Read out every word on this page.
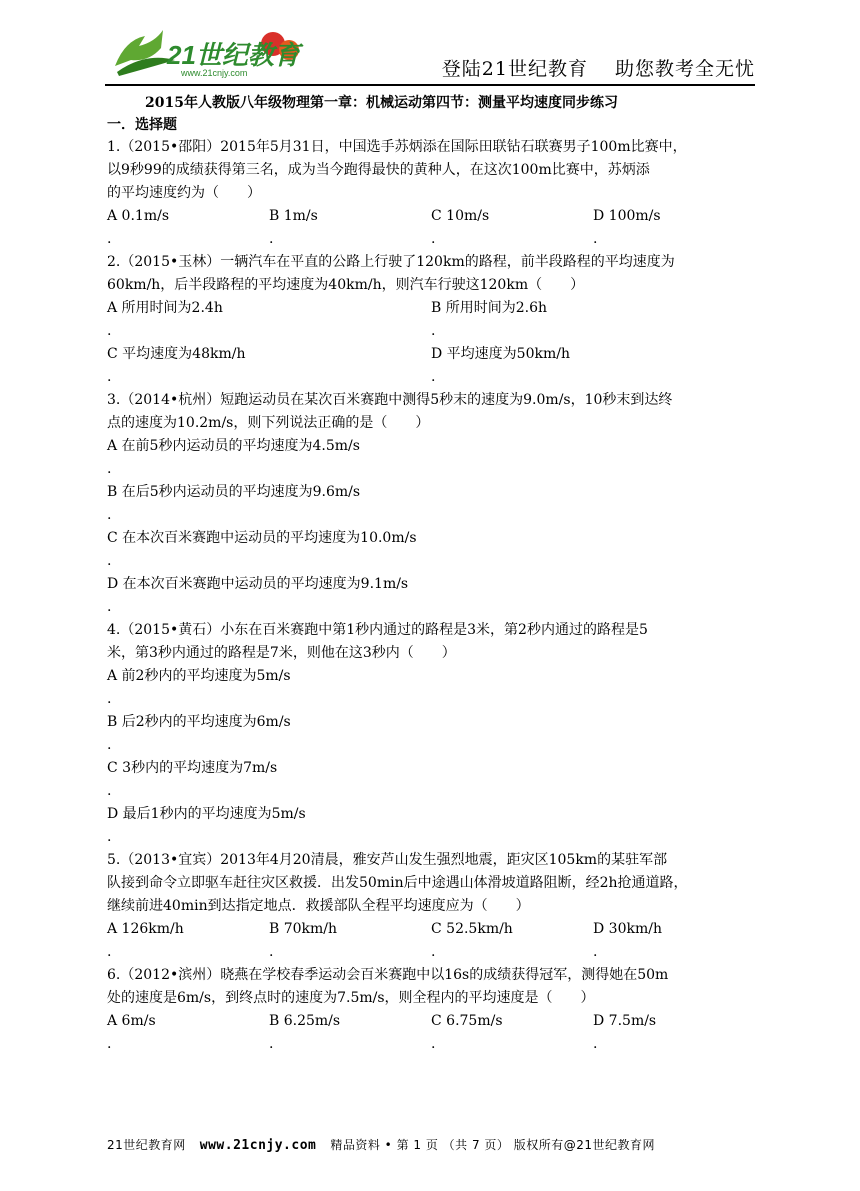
21世纪教育
www.21cnjy.com	登陆21世纪教育　 助您教考全无忧
2015年人教版八年级物理第一章：机械运动第四节：测量平均速度同步练习
一．选择题
1.（2015•邵阳）2015年5月31日，中国选手苏炳添在国际田联钻石联赛男子100m比赛中，
以9秒99的成绩获得第三名，成为当今跑得最快的黄种人，在这次100m比赛中，苏炳添
的平均速度约为（　　）
A 0.1m/s
.
B 1m/s
.
C 10m/s
.
D 100m/s
.
2.（2015•玉林）一辆汽车在平直的公路上行驶了120km的路程，前半段路程的平均速度为
60km/h，后半段路程的平均速度为40km/h，则汽车行驶这120km（　　）
A 所用时间为2.4h
.
B 所用时间为2.6h
.
C 平均速度为48km/h
.
D 平均速度为50km/h
.
3.（2014•杭州）短跑运动员在某次百米赛跑中测得5秒末的速度为9.0m/s，10秒末到达终
点的速度为10.2m/s，则下列说法正确的是（　　）
A 在前5秒内运动员的平均速度为4.5m/s
.
B 在后5秒内运动员的平均速度为9.6m/s
.
C 在本次百米赛跑中运动员的平均速度为10.0m/s
.
D 在本次百米赛跑中运动员的平均速度为9.1m/s
.
4.（2015•黄石）小东在百米赛跑中第1秒内通过的路程是3米，第2秒内通过的路程是5
米，第3秒内通过的路程是7米，则他在这3秒内（　　）
A 前2秒内的平均速度为5m/s
.
B 后2秒内的平均速度为6m/s
.
C 3秒内的平均速度为7m/s
.
D 最后1秒内的平均速度为5m/s
.
5.（2013•宜宾）2013年4月20清晨，雅安芦山发生强烈地震，距灾区105km的某驻军部
队接到命令立即驱车赶往灾区救援．出发50min后中途遇山体滑坡道路阻断，经2h抢通道路，
继续前进40min到达指定地点．救援部队全程平均速度应为（　　）
A 126km/h
.
B 70km/h
.
C 52.5km/h
.
D 30km/h
.
6.（2012•滨州）晓燕在学校春季运动会百米赛跑中以16s的成绩获得冠军，测得她在50m
处的速度是6m/s，到终点时的速度为7.5m/s，则全程内的平均速度是（　　）
A 6m/s
.
B 6.25m/s
.
C 6.75m/s
.
D 7.5m/s
.
21世纪教育网 www.21cnjy.com 精品资料 • 第 1 页 （共 7 页） 版权所有@21世纪教育网
